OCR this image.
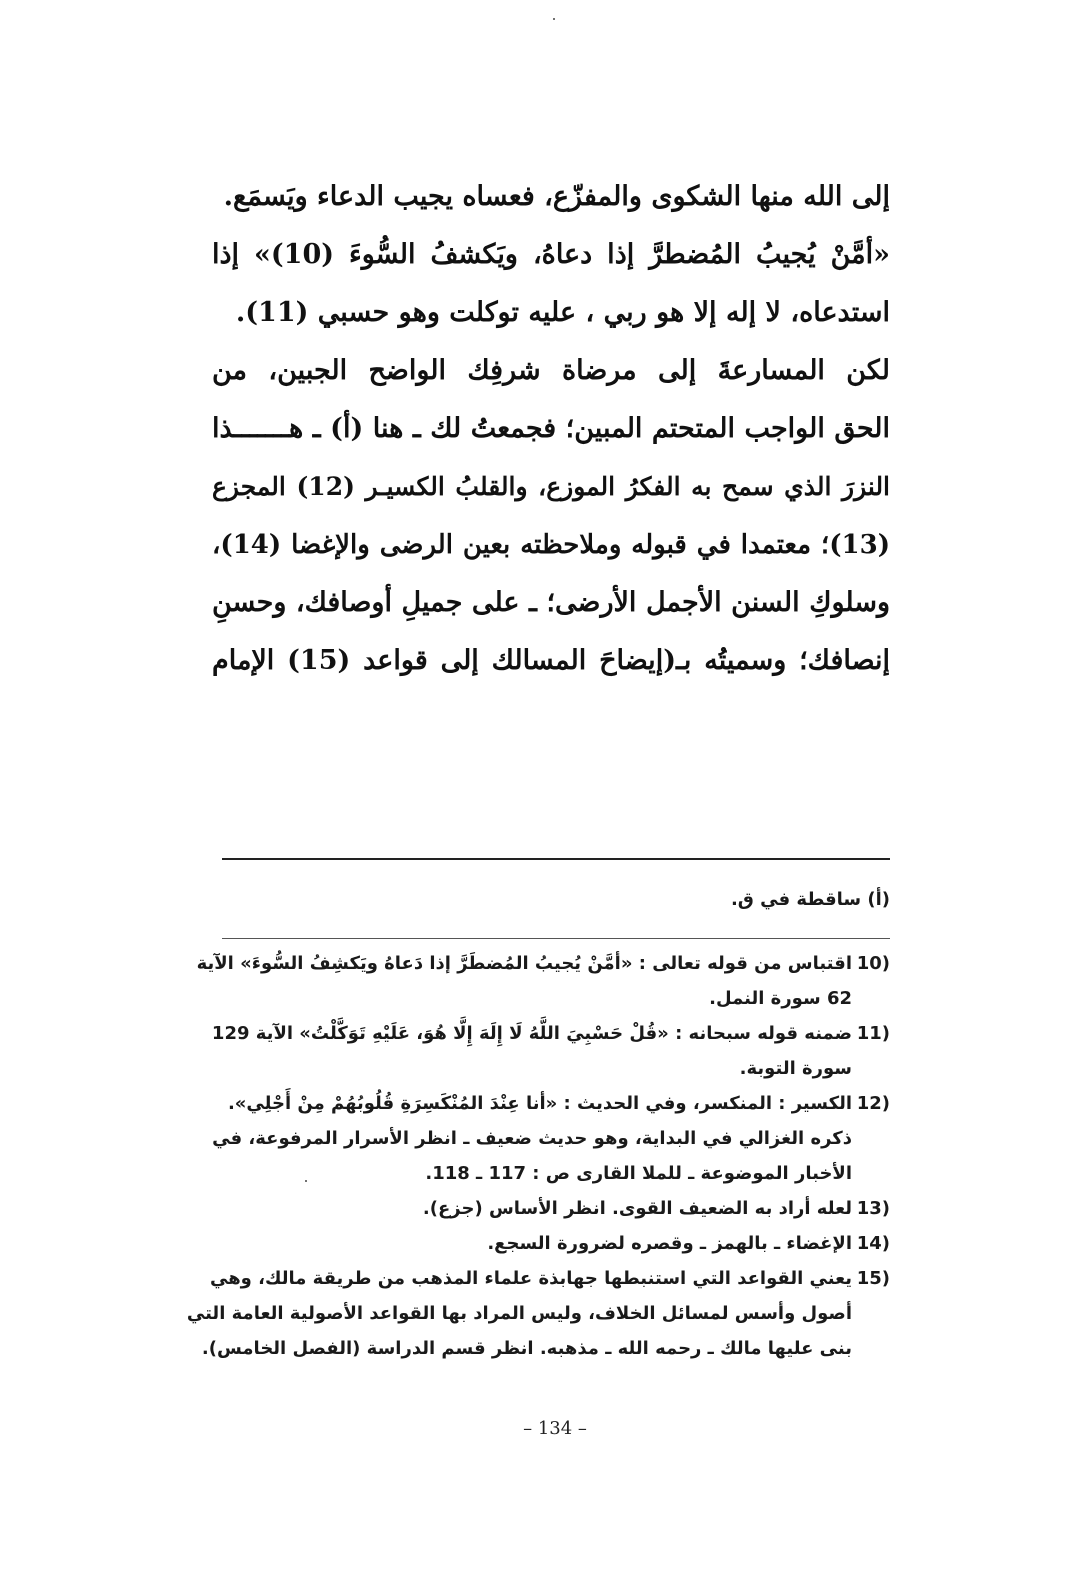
إلى الله منها الشكوى والمفزّع، فعساه يجيب الدعاء ويَسمَع.
«أمَّنْ يُجيبُ المُضطرَّ إذا دعاهُ، ويَكشفُ السُّوءَ (10)» إذا
استدعاه، لا إله إلا هو ربي ، عليه توكلت وهو حسبي (11).
لكن المسارعةَ إلى مرضاة شرفِك الواضح الجبين، من
الحق الواجب المتحتم المبين؛ فجمعتُ لك ـ هنا (أ) ـ هـــــــذا
النزرَ الذي سمح به الفكرُ الموزع، والقلبُ الكسيـر (12) المجزع
(13)؛ معتمدا في قبوله وملاحظته بعين الرضى والإغضا (14)،
وسلوكِ السنن الأجمل الأرضى؛ ـ على جميلِ أوصافك، وحسنِ
إنصافك؛ وسميتُه بـ(إيضاحَ المسالك إلى قواعد (15) الإمام
(أ) ساقطة في ق.
(10
اقتباس من قوله تعالى : «أمَّنْ يُجيبُ المُضطَرَّ إذا دَعاهُ ويَكشِفُ السُّوءَ» الآية
62 سورة النمل.
(11
ضمنه قوله سبحانه : «قُلْ حَسْبِيَ اللَّهُ لَا إِلَهَ إِلَّا هُوَ، عَلَيْهِ تَوَكَّلْتُ» الآية 129
سورة التوبة.
(12
الكسير : المنكسر، وفي الحديث : «أنا عِنْدَ المُنْكَسِرَةِ قُلُوبُهُمْ مِنْ أَجْلِي».
ذكره الغزالي في البداية، وهو حديث ضعيف ـ انظر الأسرار المرفوعة، في
الأخبار الموضوعة ـ للملا القارى ص : 117 ـ 118.
(13
لعله أراد به الضعيف القوى. انظر الأساس (جزع).
(14
الإغضاء ـ بالهمز ـ وقصره لضرورة السجع.
(15
يعني القواعد التي استنبطها جهابذة علماء المذهب من طريقة مالك، وهي
أصول وأسس لمسائل الخلاف، وليس المراد بها القواعد الأصولية العامة التي
بنى عليها مالك ـ رحمه الله ـ مذهبه. انظر قسم الدراسة (الفصل الخامس).
– 134 –
